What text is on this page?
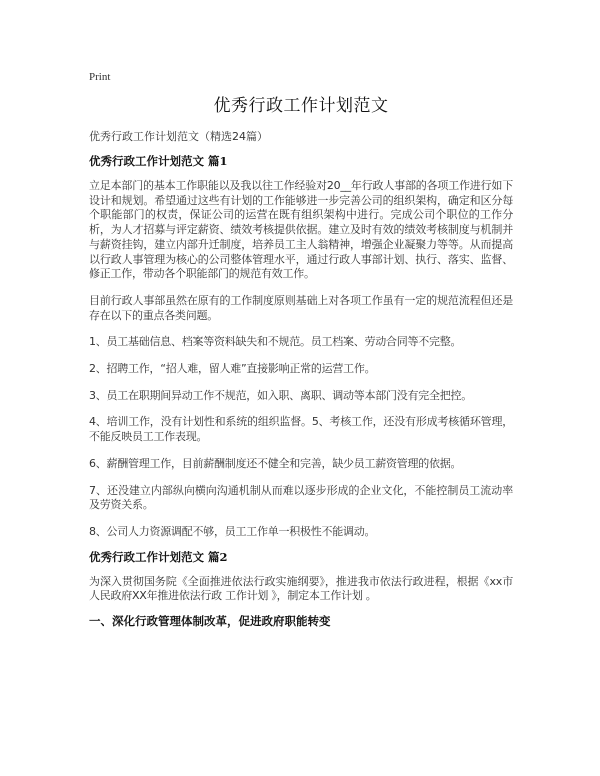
Print
优秀行政工作计划范文
优秀行政工作计划范文（精选24篇）
优秀行政工作计划范文 篇1

立足本部门的基本工作职能以及我以往工作经验对20__年行政人事部的各项工作进行如下设计和规划。希望通过这些有计划的工作能够进一步完善公司的组织架构，确定和区分每个职能部门的权责，保证公司的运营在既有组织架构中进行。完成公司个职位的工作分析，为人才招募与评定薪资、绩效考核提供依据。建立及时有效的绩效考核制度与机制并与薪资挂钩，建立内部升迁制度，培养员工主人翁精神，增强企业凝聚力等等。从而提高以行政人事管理为核心的公司整体管理水平，通过行政人事部计划、执行、落实、监督、修正工作，带动各个职能部门的规范有效工作。

目前行政人事部虽然在原有的工作制度原则基础上对各项工作虽有一定的规范流程但还是存在以下的重点各类问题。

1、员工基础信息、档案等资料缺失和不规范。员工档案、劳动合同等不完整。

2、招聘工作，“招人难，留人难”直接影响正常的运营工作。

3、员工在职期间异动工作不规范，如入职、离职、调动等本部门没有完全把控。

4、培训工作，没有计划性和系统的组织监督。5、考核工作，还没有形成考核循环管理，不能反映员工工作表现。

6、薪酬管理工作，目前薪酬制度还不健全和完善，缺少员工薪资管理的依据。

7、还没建立内部纵向横向沟通机制从而难以逐步形成的企业文化，不能控制员工流动率及劳资关系。

8、公司人力资源调配不够，员工工作单一积极性不能调动。

优秀行政工作计划范文 篇2

为深入贯彻国务院《全面推进依法行政实施纲要》，推进我市依法行政进程，根据《xx市人民政府XX年推进依法行政 工作计划 》，制定本工作计划 。

一、深化行政管理体制改革，促进政府职能转变
